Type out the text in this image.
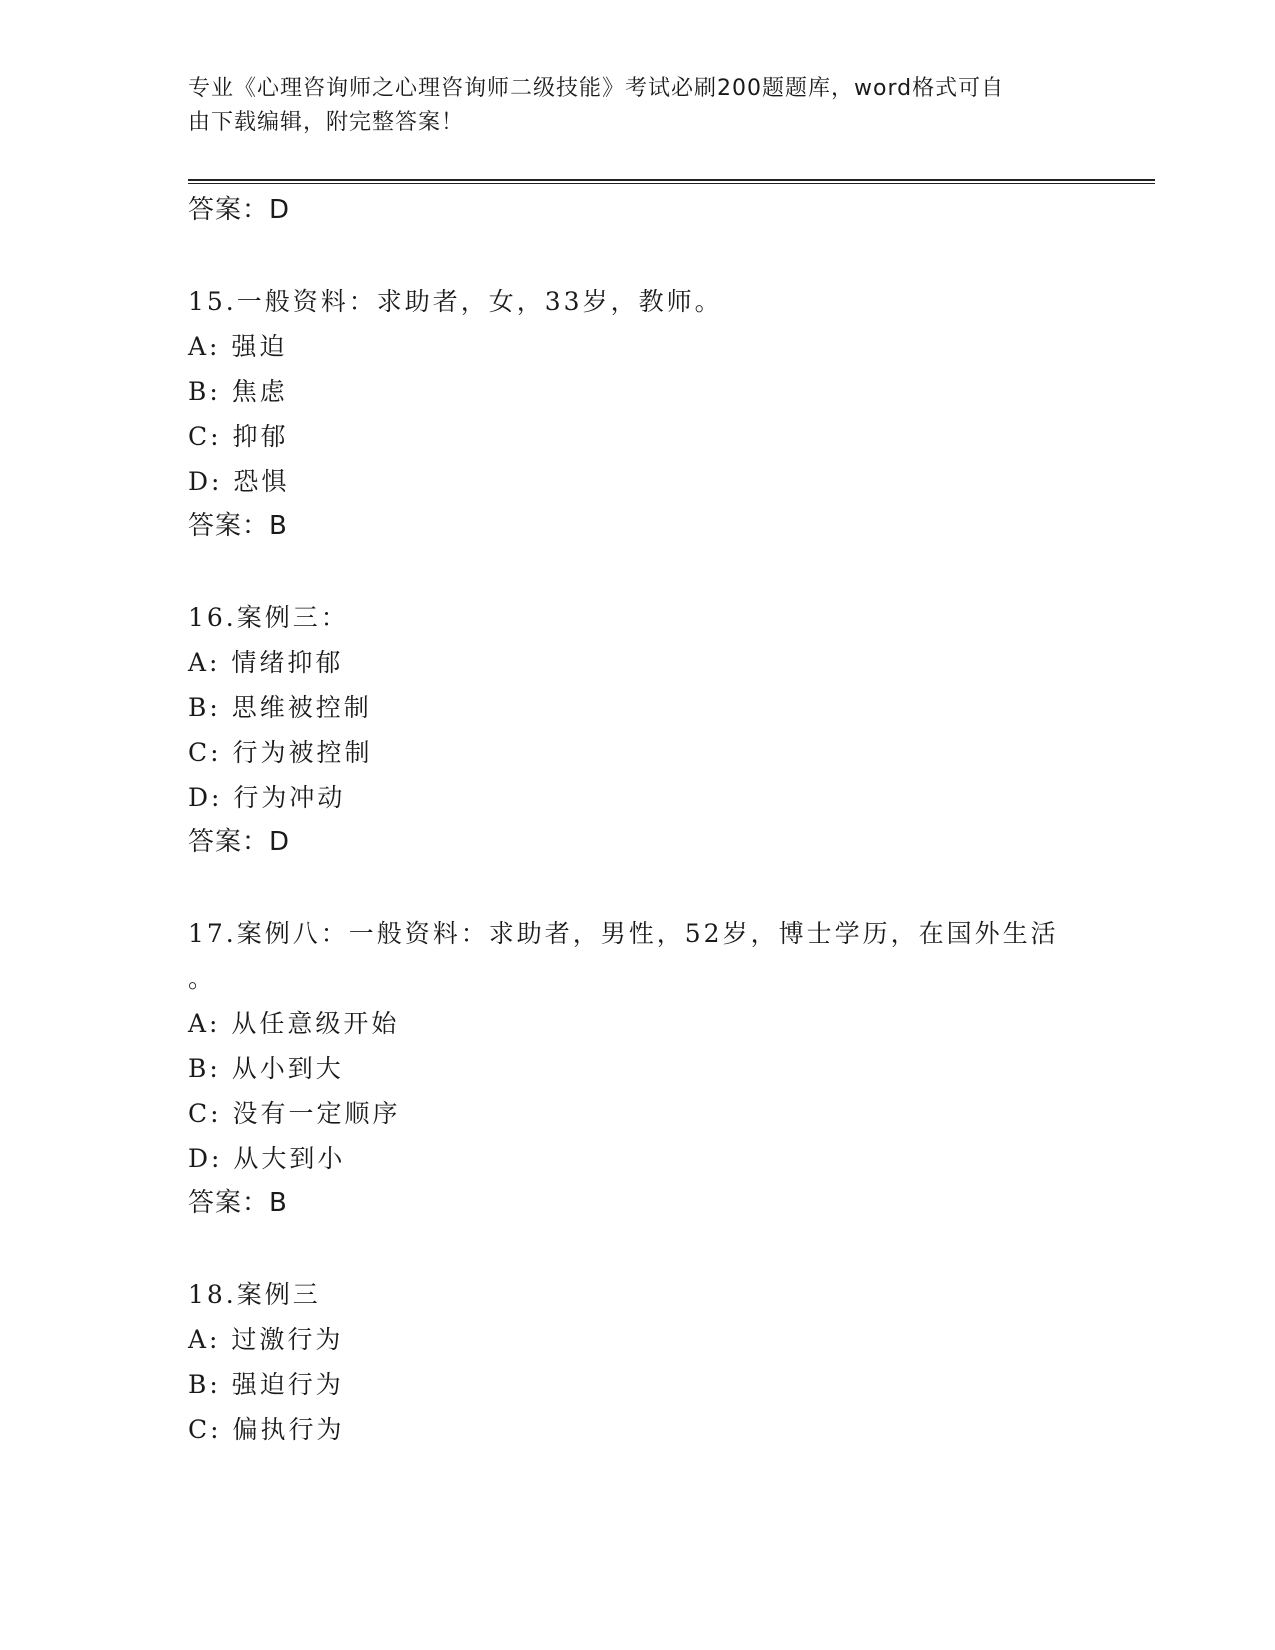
专业《心理咨询师之心理咨询师二级技能》考试必刷200题题库，word格式可自
由下载编辑，附完整答案！
答案：D
15.一般资料：求助者，女，33岁，教师。
A: 强迫
B: 焦虑
C: 抑郁
D: 恐惧
答案：B
16.案例三：
A: 情绪抑郁
B: 思维被控制
C: 行为被控制
D: 行为冲动
答案：D
17.案例八：一般资料：求助者，男性，52岁，博士学历，在国外生活
。
A: 从任意级开始
B: 从小到大
C: 没有一定顺序
D: 从大到小
答案：B
18.案例三
A: 过激行为
B: 强迫行为
C: 偏执行为
